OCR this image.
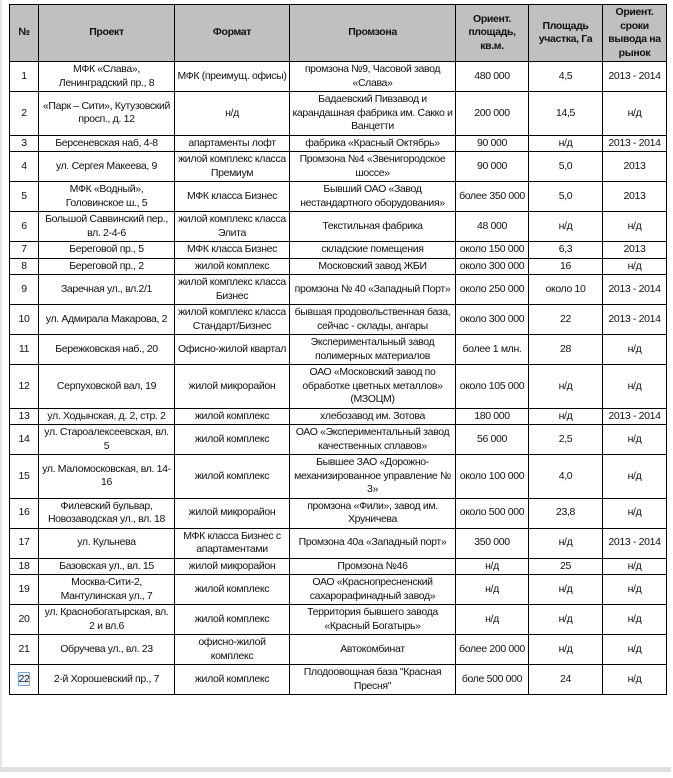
№	Проект	Формат	Промзона	Ориент. площадь, кв.м.	Площадь участка, Га	Ориент. сроки вывода на рынок
1	МФК «Слава», Ленинградский пр., 8	МФК (преимущ. офисы)	промзона №9, Часовой завод «Слава»	480 000	4,5	2013 - 2014
2	«Парк – Сити», Кутузовский просп., д. 12	н/д	Бадаевский Пивзавод и карандашная фабрика им. Сакко и Ванцетти	200 000	14,5	н/д
3	Берсеневская наб, 4-8	апартаменты лофт	фабрика «Красный Октябрь»	90 000	н/д	2013 - 2014
4	ул. Сергея Макеева, 9	жилой комплекс класса Премиум	Промзона №4 «Звенигородское шоссе»	90 000	5,0	2013
5	МФК «Водный», Головинское ш., 5	МФК класса Бизнес	Бывший ОАО «Завод нестандартного оборудования»	более 350 000	5,0	2013
6	Большой Саввинский пер., вл. 2-4-6	жилой комплекс класса Элита	Текстильная фабрика	48 000	н/д	н/д
7	Береговой пр., 5	МФК класса Бизнес	складские помещения	около 150 000	6,3	2013
8	Береговой пр., 2	жилой комплекс	Московский завод ЖБИ	около 300 000	16	н/д
9	Заречная ул., вл.2/1	жилой комплекс класса Бизнес	промзона № 40 «Западный Порт»	около 250 000	около 10	2013 - 2014
10	ул. Адмирала Макарова, 2	жилой комплекс класса Стандарт/Бизнес	бывшая продовольственная база, сейчас - склады, ангары	около 300 000	22	2013 - 2014
11	Бережковская наб., 20	Офисно-жилой квартал	Экспериментальный завод полимерных материалов	более 1 млн.	28	н/д
12	Серпуховской вал, 19	жилой микрорайон	ОАО «Московский завод по обработке цветных металлов» (МЗОЦМ)	около 105 000	н/д	н/д
13	ул. Ходынская, д. 2, стр. 2	жилой комплекс	хлебозавод им. Зотова	180 000	н/д	2013 - 2014
14	ул. Староалексеевская, вл. 5	жилой комплекс	ОАО «Экспериментальный завод качественных сплавов»	56 000	2,5	н/д
15	ул. Маломосковская, вл. 14-16	жилой комплекс	Бывшее ЗАО «Дорожно-механизированное управление № 3»	около 100 000	4,0	н/д
16	Филевский бульвар, Новозаводская ул., вл. 18	жилой микрорайон	промзона «Фили», завод им. Хруничева	около 500 000	23,8	н/д
17	ул. Кульнева	МФК класса Бизнес с апартаментами	Промзона 40а «Западный порт»	350 000	н/д	2013 - 2014
18	Базовская ул., вл. 15	жилой микрорайон	Промзона №46	н/д	25	н/д
19	Москва-Сити-2, Мантулинская ул., 7	жилой комплекс	ОАО «Краснопресненский сахарорафинадный завод»	н/д	н/д	н/д
20	ул. Краснобогатырская, вл. 2 и вл.6	жилой комплекс	Территория бывшего завода «Красный Богатырь»	н/д	н/д	н/д
21	Обручева ул., вл. 23	офисно-жилой комплекс	Автокомбинат	более 200 000	н/д	н/д
22	2-й Хорошевский пр., 7	жилой комплекс	Плодоовощная база "Красная Пресня"	боле 500 000	24	н/д
